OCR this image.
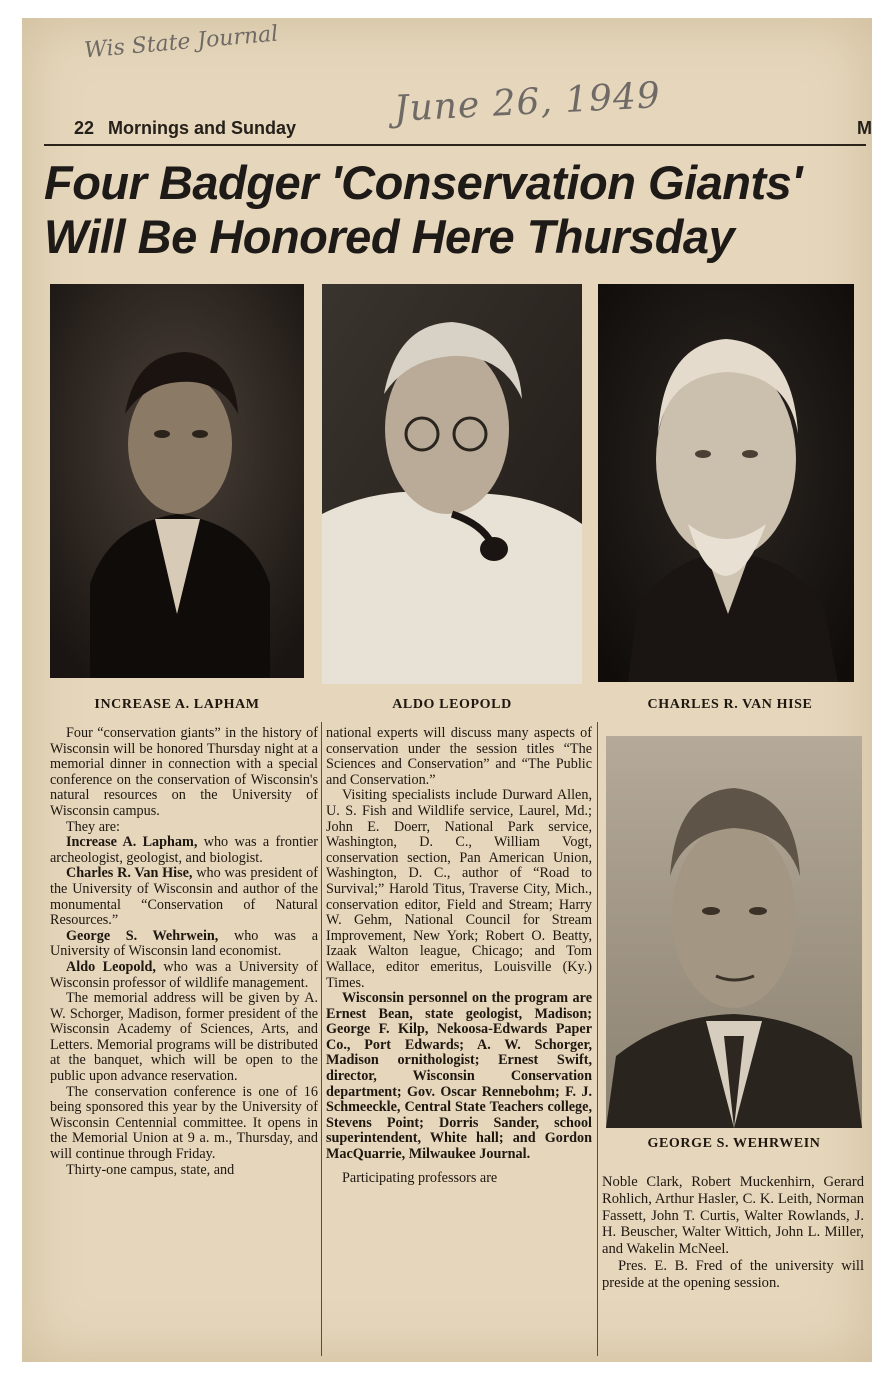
Wis State Journal
June 26, 1949
22 Mornings and Sunday	M
Four Badger 'Conservation Giants'
Will Be Honored Here Thursday
INCREASE A. LAPHAM	ALDO LEOPOLD	CHARLES R. VAN HISE
GEORGE S. WEHRWEIN

Four “conservation giants” in the history of Wisconsin will be honored Thursday night at a memorial dinner in connection with a special conference on the conservation of Wisconsin's natural resources on the University of Wisconsin campus.

They are:

Increase A. Lapham, who was a frontier archeologist, geologist, and biologist.

Charles R. Van Hise, who was president of the University of Wisconsin and author of the monumental “Conservation of Natural Resources.”

George S. Wehrwein, who was a University of Wisconsin land economist.

Aldo Leopold, who was a University of Wisconsin professor of wildlife management.

The memorial address will be given by A. W. Schorger, Madison, former president of the Wisconsin Academy of Sciences, Arts, and Letters. Memorial programs will be distributed at the banquet, which will be open to the public upon advance reservation.

The conservation conference is one of 16 being sponsored this year by the University of Wisconsin Centennial committee. It opens in the Memorial Union at 9 a. m., Thursday, and will continue through Friday.

Thirty-one campus, state, and

national experts will discuss many aspects of conservation under the session titles “The Sciences and Conservation” and “The Public and Conservation.”

Visiting specialists include Durward Allen, U. S. Fish and Wildlife service, Laurel, Md.; John E. Doerr, National Park service, Washington, D. C., William Vogt, conservation section, Pan American Union, Washington, D. C., author of “Road to Survival;” Harold Titus, Traverse City, Mich., conservation editor, Field and Stream; Harry W. Gehm, National Council for Stream Improvement, New York; Robert O. Beatty, Izaak Walton league, Chicago; and Tom Wallace, editor emeritus, Louisville (Ky.) Times.

Wisconsin personnel on the program are Ernest Bean, state geologist, Madison; George F. Kilp, Nekoosa-Edwards Paper Co., Port Edwards; A. W. Schorger, Madison ornithologist; Ernest Swift, director, Wisconsin Conservation department; Gov. Oscar Rennebohm; F. J. Schmeeckle, Central State Teachers college, Stevens Point; Dorris Sander, school superintendent, White hall; and Gordon MacQuarrie, Milwaukee Journal.

Participating professors are	Noble Clark, Robert Muckenhirn, Gerard Rohlich, Arthur Hasler, C. K. Leith, Norman Fassett, John T. Curtis, Walter Rowlands, J. H. Beuscher, Walter Wittich, John L. Miller, and Wakelin McNeel.

Pres. E. B. Fred of the university will preside at the opening session.
